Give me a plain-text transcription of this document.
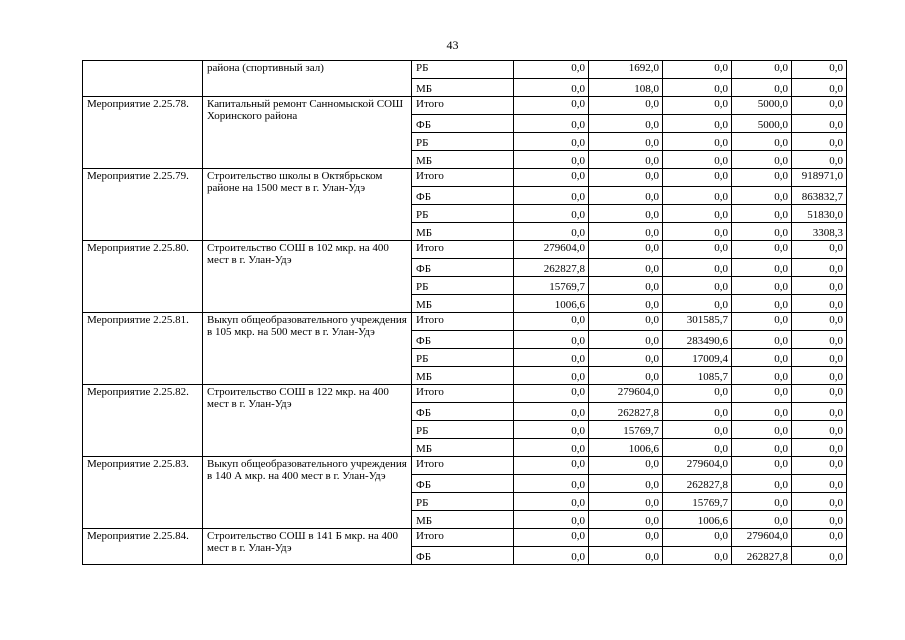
43
	района (спортивный зал)	РБ	0,0	1692,0	0,0	0,0	0,0
		МБ	0,0	108,0	0,0	0,0	0,0
Мероприятие 2.25.78.	Капитальный ремонт Санномыской СОШ Хоринского района	Итого	0,0	0,0	0,0	5000,0	0,0
		ФБ	0,0	0,0	0,0	5000,0	0,0
		РБ	0,0	0,0	0,0	0,0	0,0
		МБ	0,0	0,0	0,0	0,0	0,0
Мероприятие 2.25.79.	Строительство школы в Октябрьском районе на 1500 мест в г. Улан-Удэ	Итого	0,0	0,0	0,0	0,0	918971,0
		ФБ	0,0	0,0	0,0	0,0	863832,7
		РБ	0,0	0,0	0,0	0,0	51830,0
		МБ	0,0	0,0	0,0	0,0	3308,3
Мероприятие 2.25.80.	Строительство СОШ в 102 мкр. на 400 мест в г. Улан-Удэ	Итого	279604,0	0,0	0,0	0,0	0,0
		ФБ	262827,8	0,0	0,0	0,0	0,0
		РБ	15769,7	0,0	0,0	0,0	0,0
		МБ	1006,6	0,0	0,0	0,0	0,0
Мероприятие 2.25.81.	Выкуп общеобразовательного учреждения в 105 мкр. на 500 мест в г. Улан-Удэ	Итого	0,0	0,0	301585,7	0,0	0,0
		ФБ	0,0	0,0	283490,6	0,0	0,0
		РБ	0,0	0,0	17009,4	0,0	0,0
		МБ	0,0	0,0	1085,7	0,0	0,0
Мероприятие 2.25.82.	Строительство СОШ в 122 мкр. на 400 мест в г. Улан-Удэ	Итого	0,0	279604,0	0,0	0,0	0,0
		ФБ	0,0	262827,8	0,0	0,0	0,0
		РБ	0,0	15769,7	0,0	0,0	0,0
		МБ	0,0	1006,6	0,0	0,0	0,0
Мероприятие 2.25.83.	Выкуп общеобразовательного учреждения в 140 А мкр. на 400 мест в г. Улан-Удэ	Итого	0,0	0,0	279604,0	0,0	0,0
		ФБ	0,0	0,0	262827,8	0,0	0,0
		РБ	0,0	0,0	15769,7	0,0	0,0
		МБ	0,0	0,0	1006,6	0,0	0,0
Мероприятие 2.25.84.	Строительство СОШ в 141 Б мкр. на 400 мест в г. Улан-Удэ	Итого	0,0	0,0	0,0	279604,0	0,0
		ФБ	0,0	0,0	0,0	262827,8	0,0
